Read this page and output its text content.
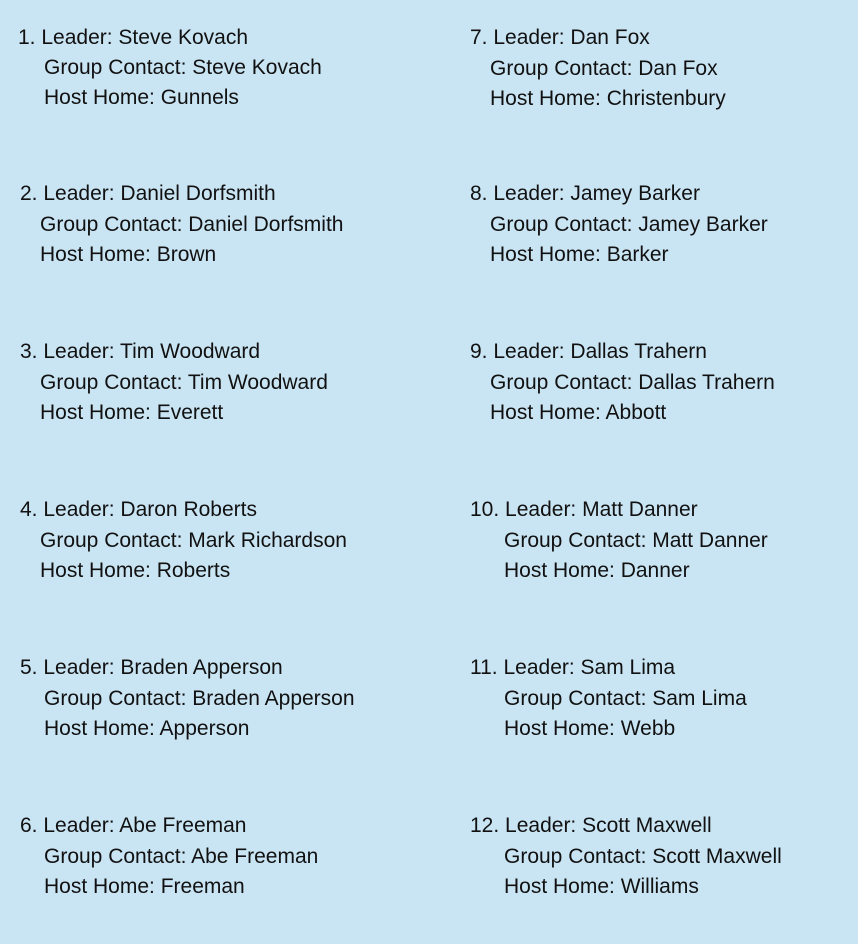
1. Leader: Steve Kovach
Group Contact: Steve Kovach
Host Home: Gunnels
2. Leader: Daniel Dorfsmith
Group Contact: Daniel Dorfsmith
Host Home: Brown
3. Leader: Tim Woodward
Group Contact: Tim Woodward
Host Home: Everett
4. Leader: Daron Roberts
Group Contact: Mark Richardson
Host Home: Roberts
5. Leader: Braden Apperson
Group Contact: Braden Apperson
Host Home: Apperson
6. Leader: Abe Freeman
Group Contact: Abe Freeman
Host Home: Freeman
7. Leader: Dan Fox
Group Contact: Dan Fox
Host Home: Christenbury
8. Leader: Jamey Barker
Group Contact: Jamey Barker
Host Home: Barker
9. Leader: Dallas Trahern
Group Contact: Dallas Trahern
Host Home: Abbott
10. Leader: Matt Danner
Group Contact: Matt Danner
Host Home: Danner
11. Leader: Sam Lima
Group Contact: Sam Lima
Host Home: Webb
12. Leader: Scott Maxwell
Group Contact: Scott Maxwell
Host Home: Williams
